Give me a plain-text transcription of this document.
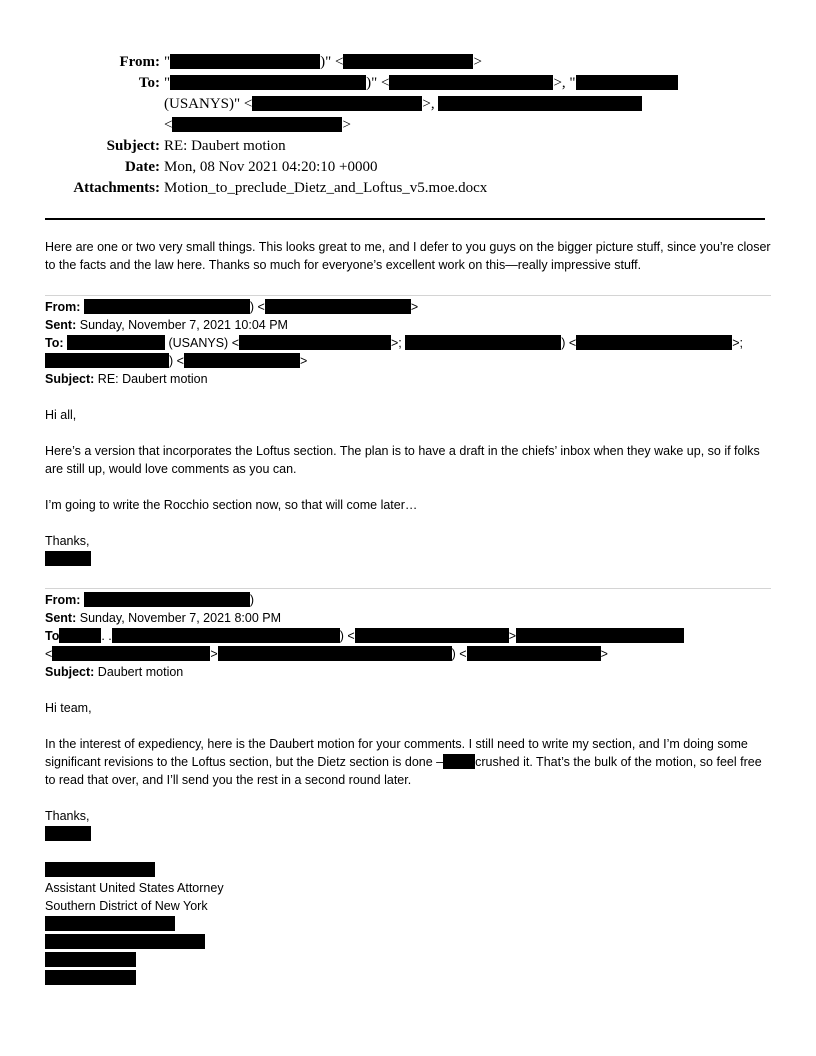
From:	" )" < >
To:	" )" < >, "
(USANYS)" < >,
< >
Subject:	RE: Daubert motion
Date:	Mon, 08 Nov 2021 04:20:10 +0000
Attachments:	Motion_to_preclude_Dietz_and_Loftus_v5.moe.docx

Here are one or two very small things. This looks great to me, and I defer to you guys on the bigger picture stuff, since you’re closer to the facts and the law here. Thanks so much for everyone’s excellent work on this—really impressive stuff.

From:	) <	>

Sent: Sunday, November 7, 2021 10:04 PM

To:	(USANYS) <	>;	) <	>;

) <	>

Subject: RE: Daubert motion

Hi all,

Here’s a version that incorporates the Loftus section. The plan is to have a draft in the chiefs’ inbox when they wake up, so if folks are still up, would love comments as you can.

I’m going to write the Rocchio section now, so that will come later…

Thanks,

From:	)

Sent: Sunday, November 7, 2021 8:00 PM

To	. .	) <	>

<	>	) <	>

Subject: Daubert motion

Hi team,

In the interest of expediency, here is the Daubert motion for your comments. I still need to write my section, and I’m doing some significant revisions to the Loftus section, but the Dietz section is done –	crushed it. That’s the bulk of the motion, so feel free to read that over, and I’ll send you the rest in a second round later.

Thanks,

Assistant United States Attorney
Southern District of New York
